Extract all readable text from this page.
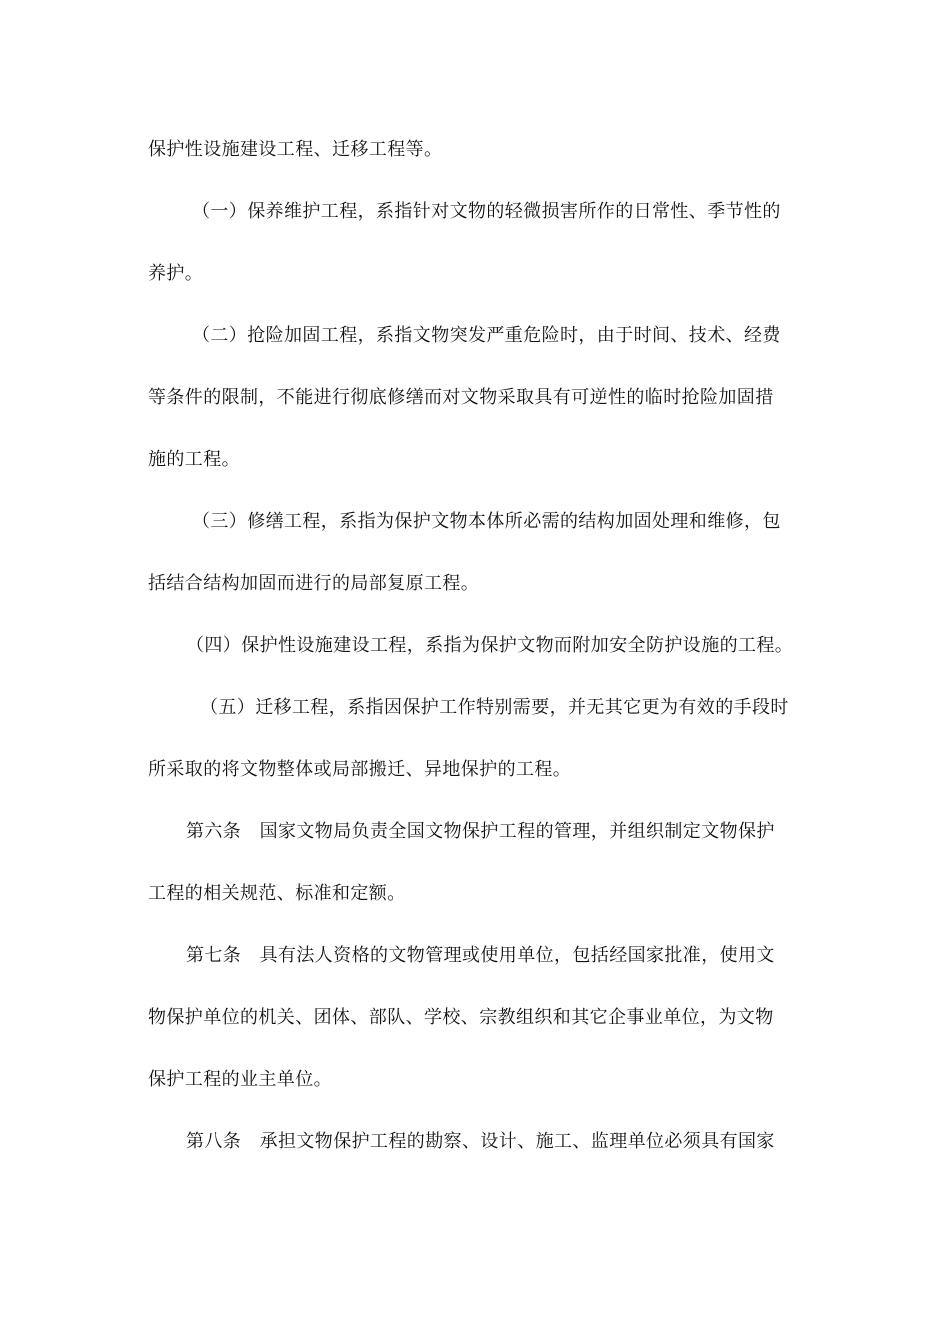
保护性设施建设工程、迁移工程等。
（一）保养维护工程，系指针对文物的轻微损害所作的日常性、季节性的
养护。
（二）抢险加固工程，系指文物突发严重危险时，由于时间、技术、经费
等条件的限制，不能进行彻底修缮而对文物采取具有可逆性的临时抢险加固措
施的工程。
（三）修缮工程，系指为保护文物本体所必需的结构加固处理和维修，包
括结合结构加固而进行的局部复原工程。
（四）保护性设施建设工程，系指为保护文物而附加安全防护设施的工程。
（五）迁移工程，系指因保护工作特别需要，并无其它更为有效的手段时
所采取的将文物整体或局部搬迁、异地保护的工程。
第六条　国家文物局负责全国文物保护工程的管理，并组织制定文物保护
工程的相关规范、标准和定额。
第七条　具有法人资格的文物管理或使用单位，包括经国家批准，使用文
物保护单位的机关、团体、部队、学校、宗教组织和其它企事业单位，为文物
保护工程的业主单位。
第八条　承担文物保护工程的勘察、设计、施工、监理单位必须具有国家
